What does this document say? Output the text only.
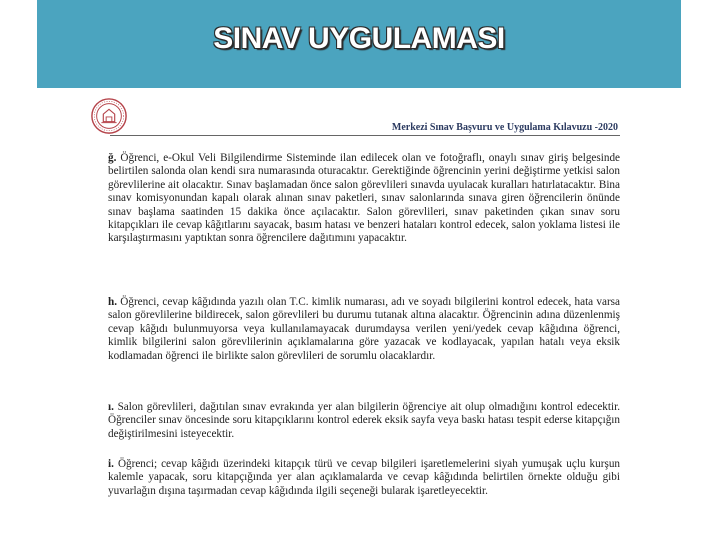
SINAV UYGULAMASI
Merkezi Sınav Başvuru ve Uygulama Kılavuzu -2020

ğ. Öğrenci, e-Okul Veli Bilgilendirme Sisteminde ilan edilecek olan ve fotoğraflı, onaylı sınav giriş belgesinde belirtilen salonda olan kendi sıra numarasında oturacaktır. Gerektiğinde öğrencinin yerini değiştirme yetkisi salon görevlilerine ait olacaktır. Sınav başlamadan önce salon görevlileri sınavda uyulacak kuralları hatırlatacaktır. Bina sınav komisyonundan kapalı olarak alınan sınav paketleri, sınav salonlarında sınava giren öğrencilerin önünde sınav başlama saatinden 15 dakika önce açılacaktır. Salon görevlileri, sınav paketinden çıkan sınav soru kitapçıkları ile cevap kâğıtlarını sayacak, basım hatası ve benzeri hataları kontrol edecek, salon yoklama listesi ile karşılaştırmasını yaptıktan sonra öğrencilere dağıtımını yapacaktır.

h. Öğrenci, cevap kâğıdında yazılı olan T.C. kimlik numarası, adı ve soyadı bilgilerini kontrol edecek, hata varsa salon görevlilerine bildirecek, salon görevlileri bu durumu tutanak altına alacaktır. Öğrencinin adına düzenlenmiş cevap kâğıdı bulunmuyorsa veya kullanılamayacak durumdaysa verilen yeni/yedek cevap kâğıdına öğrenci, kimlik bilgilerini salon görevlilerinin açıklamalarına göre yazacak ve kodlayacak, yapılan hatalı veya eksik kodlamadan öğrenci ile birlikte salon görevlileri de sorumlu olacaklardır.

ı. Salon görevlileri, dağıtılan sınav evrakında yer alan bilgilerin öğrenciye ait olup olmadığını kontrol edecektir. Öğrenciler sınav öncesinde soru kitapçıklarını kontrol ederek eksik sayfa veya baskı hatası tespit ederse kitapçığın değiştirilmesini isteyecektir.

i. Öğrenci; cevap kâğıdı üzerindeki kitapçık türü ve cevap bilgileri işaretlemelerini siyah yumuşak uçlu kurşun kalemle yapacak, soru kitapçığında yer alan açıklamalarda ve cevap kâğıdında belirtilen örnekte olduğu gibi yuvarlağın dışına taşırmadan cevap kâğıdında ilgili seçeneği bularak işaretleyecektir.
